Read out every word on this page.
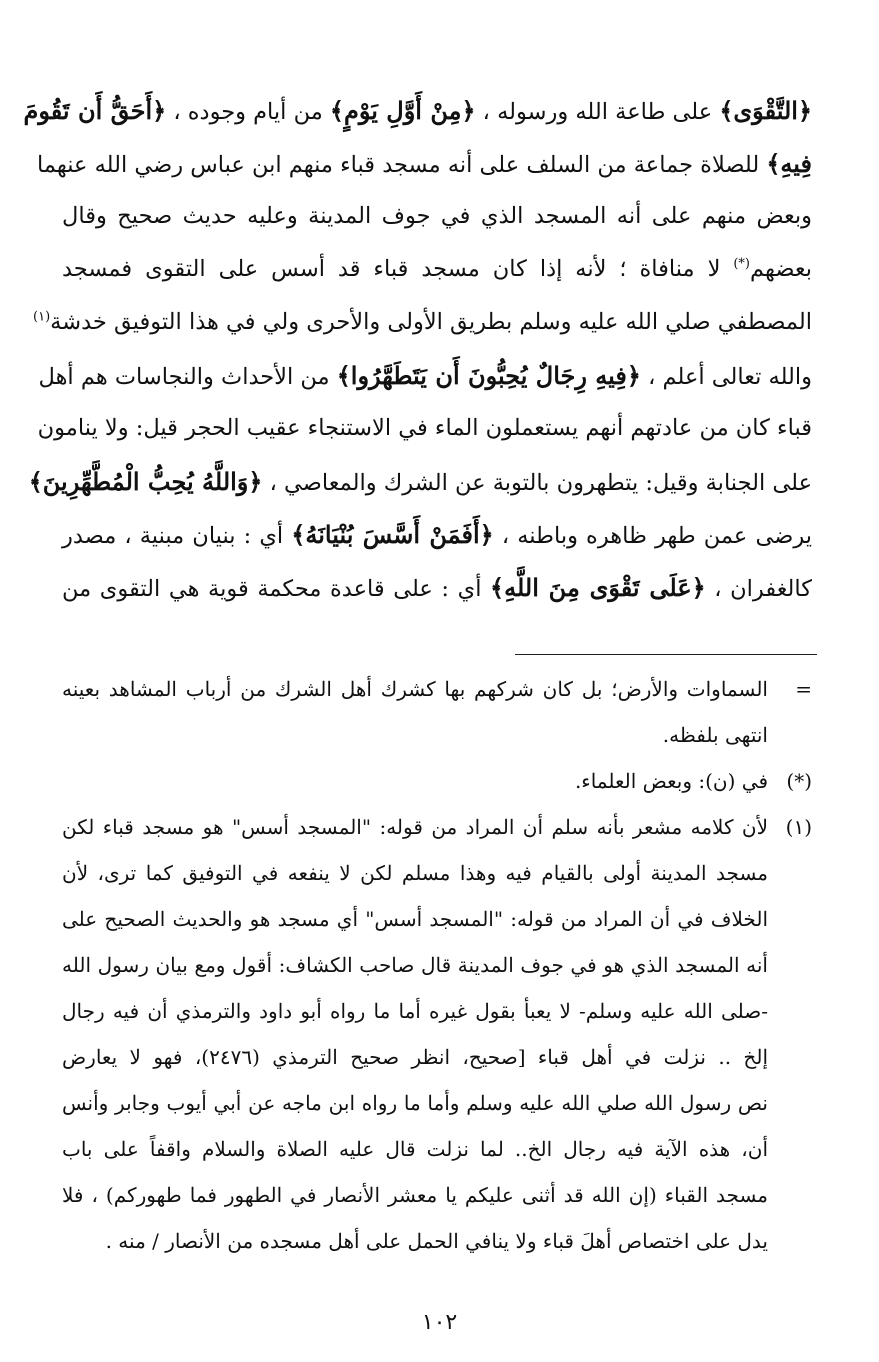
﴿التَّقْوَى﴾ على طاعة الله ورسوله ، ﴿مِنْ أَوَّلِ يَوْمٍ﴾ من أيام وجوده ، ﴿أَحَقُّ أَن تَقُومَ
فِيهِ﴾ للصلاة جماعة من السلف على أنه مسجد قباء منهم ابن عباس رضي الله عنهما
وبعض منهم على أنه المسجد الذي في جوف المدينة وعليه حديث صحيح وقال
بعضهم(*) لا منافاة ؛ لأنه إذا كان مسجد قباء قد أسس على التقوى فمسجد
المصطفي صلي الله عليه وسلم بطريق الأولى والأحرى ولي في هذا التوفيق خدشة$^{(١)}$
والله تعالى أعلم ، ﴿فِيهِ رِجَالٌ يُحِبُّونَ أَن يَتَطَهَّرُوا﴾ من الأحداث والنجاسات هم أهل
قباء كان من عادتهم أنهم يستعملون الماء في الاستنجاء عقيب الحجر قيل: ولا ينامون
على الجنابة وقيل: يتطهرون بالتوبة عن الشرك والمعاصي ، ﴿وَاللَّهُ يُحِبُّ الْمُطَّهِّرِينَ﴾
يرضى عمن طهر ظاهره وباطنه ، ﴿أَفَمَنْ أَسَّسَ بُنْيَانَهُ﴾ أي : بنيان مبنية ، مصدر
كالغفران ، ﴿عَلَى تَقْوَى مِنَ اللَّهِ﴾ أي : على قاعدة محكمة قوية هي التقوى من
=السماوات والأرض؛ بل كان شركهم بها كشرك أهل الشرك من أرباب المشاهد بعينه
انتهى بلفظه.
(*)في (ن): وبعض العلماء.
(١)لأن كلامه مشعر بأنه سلم أن المراد من قوله: "المسجد أسس" هو مسجد قباء لكن
مسجد المدينة أولى بالقيام فيه وهذا مسلم لكن لا ينفعه في التوفيق كما ترى، لأن
الخلاف في أن المراد من قوله: "المسجد أسس" أي مسجد هو والحديث الصحيح على
أنه المسجد الذي هو في جوف المدينة قال صاحب الكشاف: أقول ومع بيان رسول الله
-صلى الله عليه وسلم- لا يعبأ بقول غيره أما ما رواه أبو داود والترمذي أن فيه رجال
إلخ .. نزلت في أهل قباء [صحيح، انظر صحيح الترمذي (٢٤٧٦)، فهو لا يعارض
نص رسول الله صلي الله عليه وسلم وأما ما رواه ابن ماجه عن أبي أيوب وجابر وأنس
أن، هذه الآية فيه رجال الخ.. لما نزلت قال عليه الصلاة والسلام واقفاً على باب
مسجد القباء (إن الله قد أثنى عليكم يا معشر الأنصار في الطهور فما طهوركم) ، فلا
يدل على اختصاص أهلَ قباء ولا ينافي الحمل على أهل مسجده من الأنصار / منه .
١٠٢
